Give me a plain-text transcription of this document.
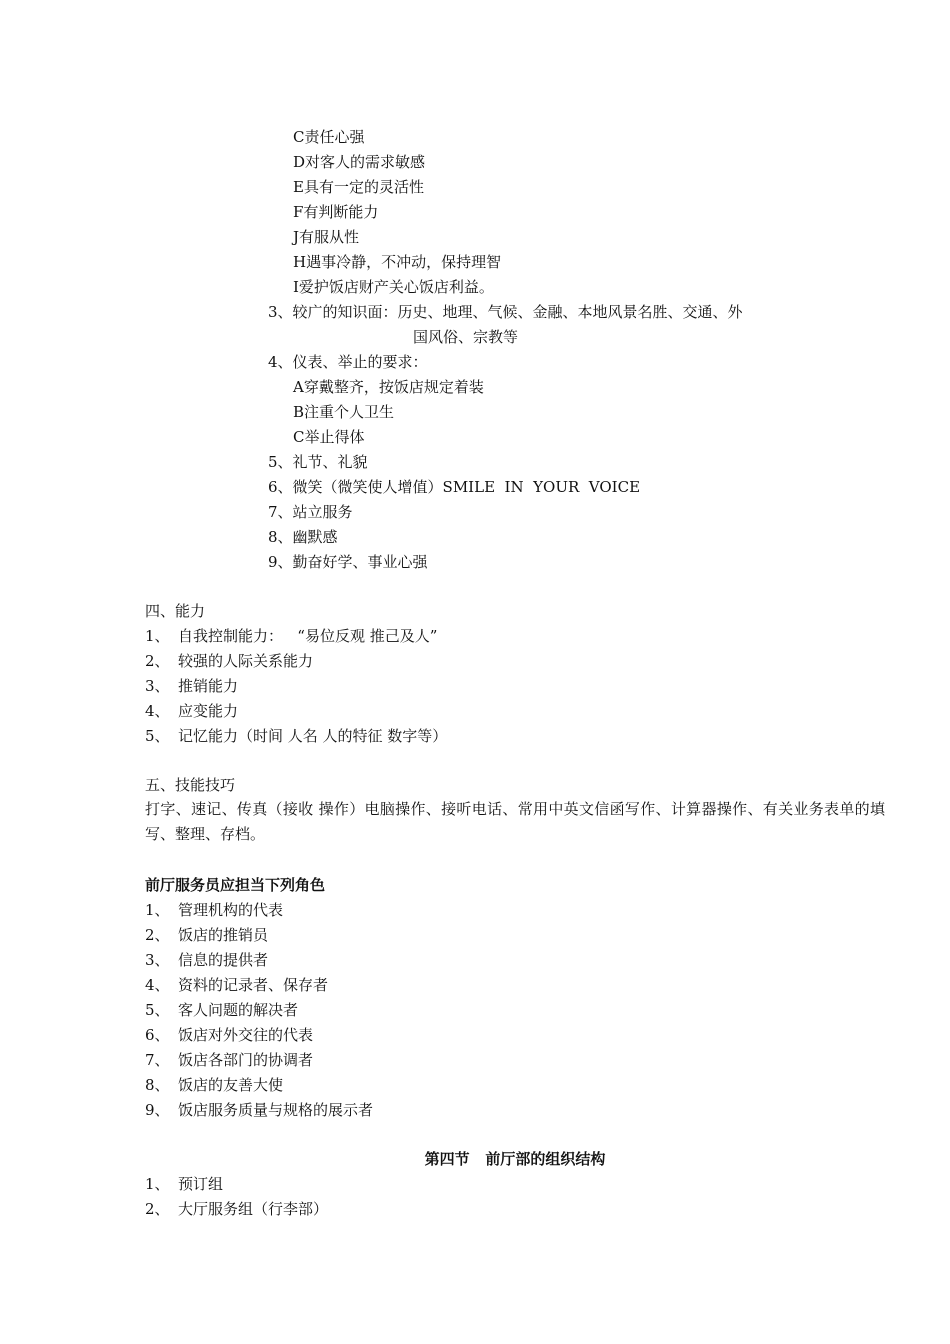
C责任心强
D对客人的需求敏感
E具有一定的灵活性
F有判断能力
J有服从性
H遇事冷静，不冲动，保持理智
I爱护饭店财产关心饭店利益。
3、较广的知识面：历史、地理、气候、金融、本地风景名胜、交通、外
国风俗、宗教等
4、仪表、举止的要求：
A穿戴整齐，按饭店规定着装
B注重个人卫生
C举止得体
5、礼节、礼貌
6、微笑（微笑使人增值）SMILE  IN  YOUR  VOICE
7、站立服务
8、幽默感
9、勤奋好学、事业心强
四、能力
1、 自我控制能力：   “易位反观 推己及人”
2、 较强的人际关系能力
3、 推销能力
4、 应变能力
5、 记忆能力（时间 人名 人的特征 数字等）
五、技能技巧
打字、速记、传真（接收 操作）电脑操作、接听电话、常用中英文信函写作、计算器操作、有关业务表单的填写、整理、存档。
前厅服务员应担当下列角色
1、 管理机构的代表
2、 饭店的推销员
3、 信息的提供者
4、 资料的记录者、保存者
5、 客人问题的解决者
6、 饭店对外交往的代表
7、 饭店各部门的协调者
8、 饭店的友善大使
9、 饭店服务质量与规格的展示者
第四节   前厅部的组织结构
1、 预订组
2、 大厅服务组（行李部）
